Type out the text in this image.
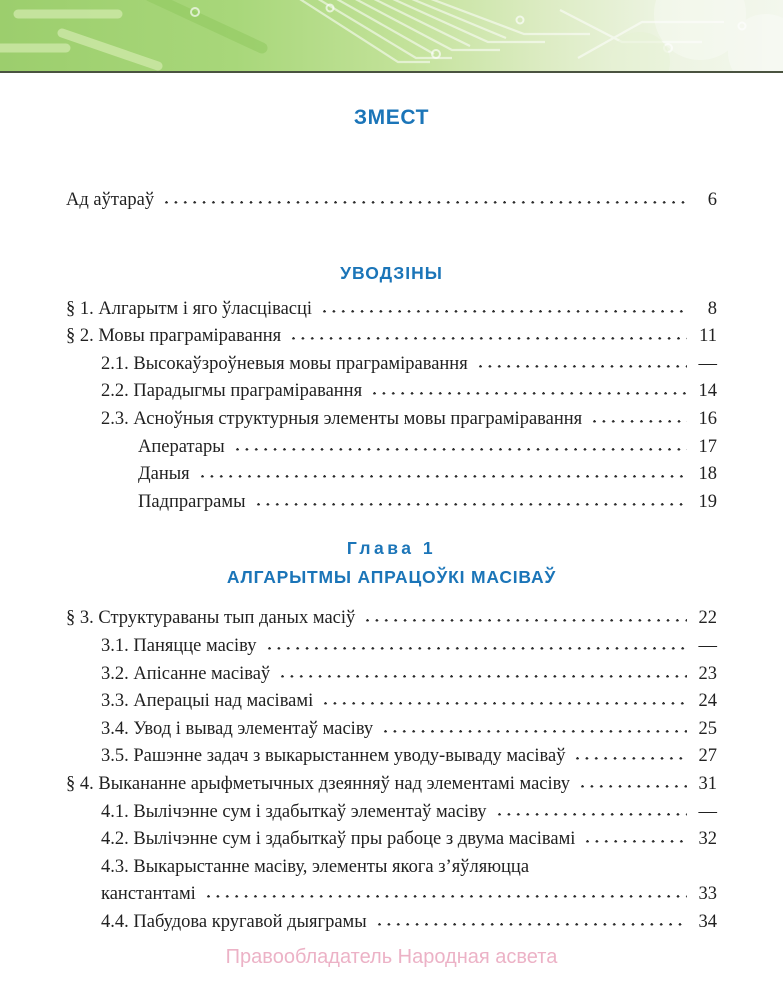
ЗМЕСТ
Ад аўтараў	6
УВОДЗІНЫ
§ 1. Алгарытм і яго ўласцівасці	8
§ 2. Мовы праграміравання	11
2.1. Высокаўзроўневыя мовы праграміравання	—
2.2. Парадыгмы праграміравання	14
2.3. Асноўныя структурныя элементы мовы праграміравання	16
Аператары	17
Даныя	18
Падпраграмы	19
Глава 1
АЛГАРЫТМЫ АПРАЦОЎКІ МАСІВАЎ
§ 3. Структураваны тып даных масіў	22
3.1. Паняцце масіву	—
3.2. Апісанне масіваў	23
3.3. Аперацыі над масівамі	24
3.4. Увод і вывад элементаў масіву	25
3.5. Рашэнне задач з выкарыстаннем уводу-вываду масіваў	27
§ 4. Выкананне арыфметычных дзеянняў над элементамі масіву	31
4.1. Вылічэнне сум і здабыткаў элементаў масіву	—
4.2. Вылічэнне сум і здабыткаў пры рабоце з двума масівамі	32
4.3. Выкарыстанне масіву, элементы якога з’яўляюцца
канстантамі	33
4.4. Пабудова кругавой дыяграмы	34
Правообладатель Народная асвета
